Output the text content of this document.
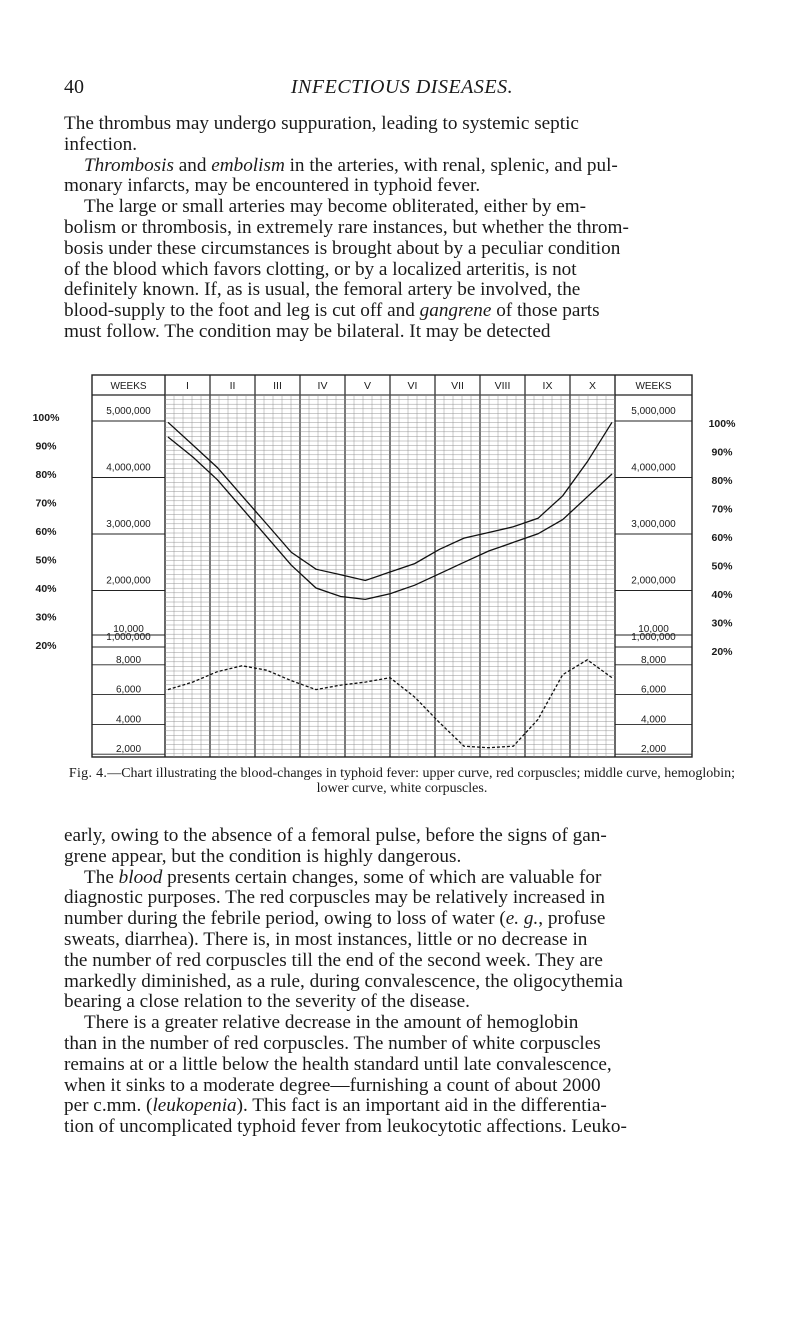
40	INFECTIOUS DISEASES.
The thrombus may undergo suppuration, leading to systemic septic
infection.
Thrombosis and embolism in the arteries, with renal, splenic, and pul-
monary infarcts, may be encountered in typhoid fever.
The large or small arteries may become obliterated, either by em-
bolism or thrombosis, in extremely rare instances, but whether the throm-
bosis under these circumstances is brought about by a peculiar condition
of the blood which favors clotting, or by a localized arteritis, is not
definitely known. If, as is usual, the femoral artery be involved, the
blood-supply to the foot and leg is cut off and gangrene of those parts
must follow. The condition may be bilateral. It may be detected
I	II	III	IV	V	VI	VII	VIII	IX	X
WEEKS	WEEKS
5,000,000
4,000,000
3,000,000
2,000,000
1,000,000
5,000,000
4,000,000
3,000,000
2,000,000
1,000,000
10,000	10,000
8,000	8,000
6,000	6,000
4,000	4,000
2,000	2,000
100%
90%
80%
70%
60%
50%
40%
30%
20%
100%
90%
80%
70%
60%
50%
40%
30%
20%
Fig. 4.—Chart illustrating the blood-changes in typhoid fever: upper curve, red corpuscles; middle curve, hemoglobin; lower curve, white corpuscles.
early, owing to the absence of a femoral pulse, before the signs of gan-
grene appear, but the condition is highly dangerous.
The blood presents certain changes, some of which are valuable for
diagnostic purposes. The red corpuscles may be relatively increased in
number during the febrile period, owing to loss of water (e. g., profuse
sweats, diarrhea). There is, in most instances, little or no decrease in
the number of red corpuscles till the end of the second week. They are
markedly diminished, as a rule, during convalescence, the oligocythemia
bearing a close relation to the severity of the disease.
There is a greater relative decrease in the amount of hemoglobin
than in the number of red corpuscles. The number of white corpuscles
remains at or a little below the health standard until late convalescence,
when it sinks to a moderate degree—furnishing a count of about 2000
per c.mm. (leukopenia). This fact is an important aid in the differentia-
tion of uncomplicated typhoid fever from leukocytotic affections. Leuko-
